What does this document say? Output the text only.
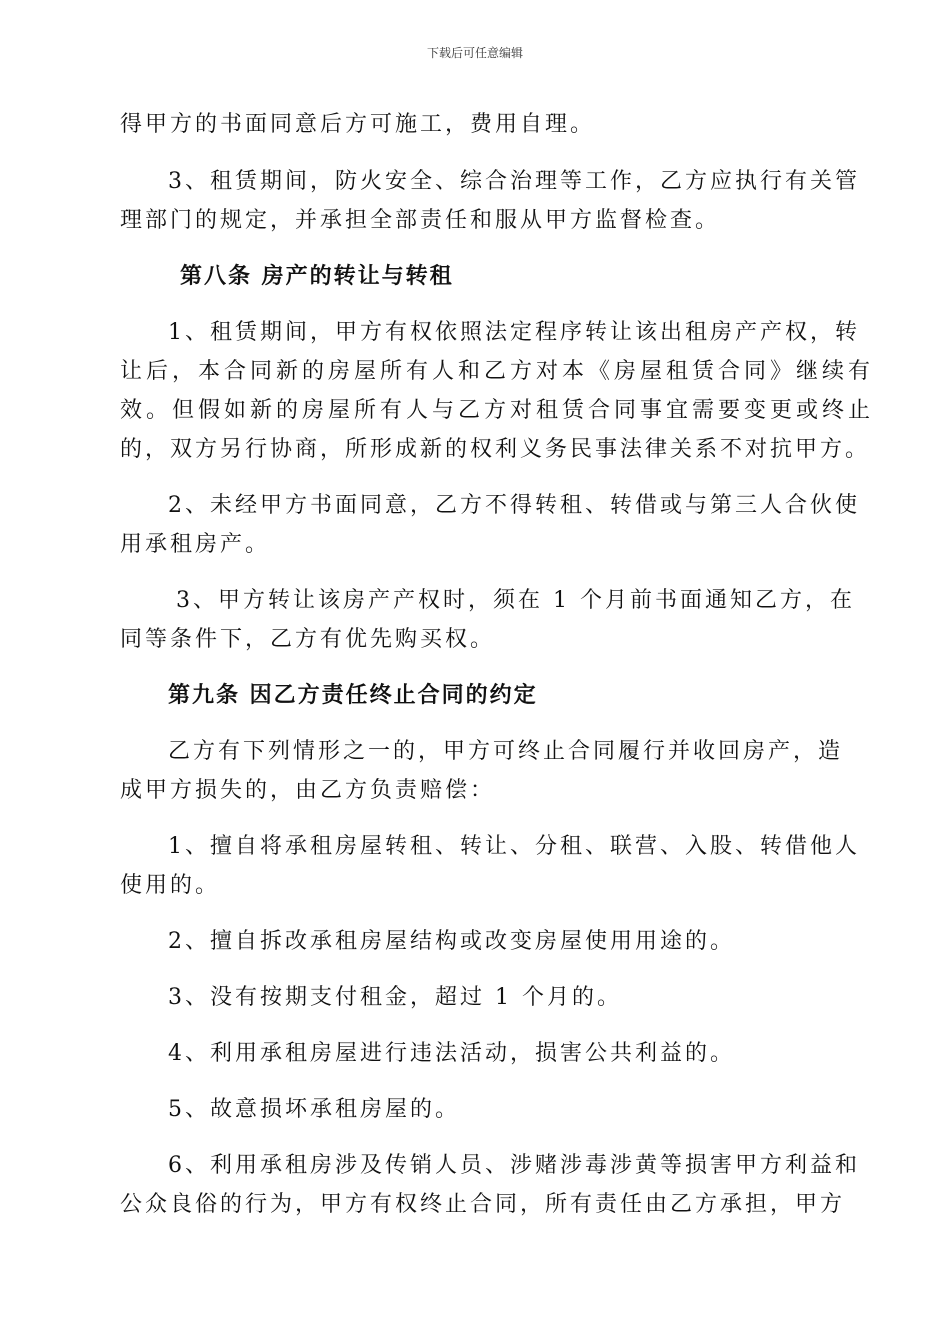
下载后可任意编辑
得甲方的书面同意后方可施工，费用自理。
3、租赁期间，防火安全、综合治理等工作，乙方应执行有关管
理部门的规定，并承担全部责任和服从甲方监督检查。
第八条 房产的转让与转租
1、租赁期间，甲方有权依照法定程序转让该出租房产产权，转
让后，本合同新的房屋所有人和乙方对本《房屋租赁合同》继续有
效。但假如新的房屋所有人与乙方对租赁合同事宜需要变更或终止
的，双方另行协商，所形成新的权利义务民事法律关系不对抗甲方。
2、未经甲方书面同意，乙方不得转租、转借或与第三人合伙使
用承租房产。
3、甲方转让该房产产权时，须在 1 个月前书面通知乙方，在
同等条件下，乙方有优先购买权。
第九条 因乙方责任终止合同的约定
乙方有下列情形之一的，甲方可终止合同履行并收回房产，造
成甲方损失的，由乙方负责赔偿：
1、擅自将承租房屋转租、转让、分租、联营、入股、转借他人
使用的。
2、擅自拆改承租房屋结构或改变房屋使用用途的。
3、没有按期支付租金，超过 1 个月的。
4、利用承租房屋进行违法活动，损害公共利益的。
5、故意损坏承租房屋的。
6、利用承租房涉及传销人员、涉赌涉毒涉黄等损害甲方利益和
公众良俗的行为，甲方有权终止合同，所有责任由乙方承担，甲方
